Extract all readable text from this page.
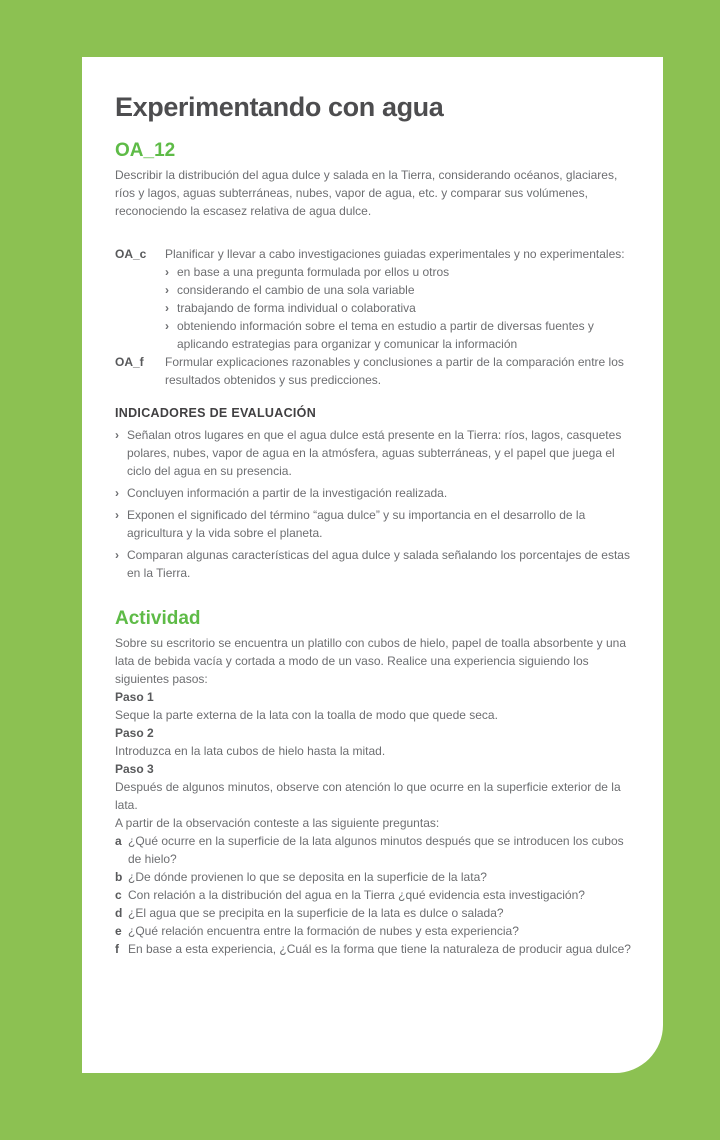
Experimentando con agua
OA_12

Describir la distribución del agua dulce y salada en la Tierra, considerando océanos, glaciares, ríos y lagos, aguas subterráneas, nubes, vapor de agua, etc. y comparar sus volúmenes, reconociendo la escasez relativa de agua dulce.

OA_c	Planificar y llevar a cabo investigaciones guiadas experimentales y no experimentales:

› en base a una pregunta formulada por ellos u otros
› considerando el cambio de una sola variable
› trabajando de forma individual o colaborativa
› obteniendo información sobre el tema en estudio a partir de diversas fuentes y aplicando estrategias para organizar y comunicar la información
OA_f	Formular explicaciones razonables y conclusiones a partir de la comparación entre los resultados obtenidos y sus predicciones.

INDICADORES DE EVALUACIÓN
› Señalan otros lugares en que el agua dulce está presente en la Tierra: ríos, lagos, casquetes polares, nubes, vapor de agua en la atmósfera, aguas subterráneas, y el papel que juega el ciclo del agua en su presencia.
› Concluyen información a partir de la investigación realizada.
› Exponen el significado del término “agua dulce” y su importancia en el desarrollo de la agricultura y la vida sobre el planeta.
› Comparan algunas características del agua dulce y salada señalando los porcentajes de estas en la Tierra.
Actividad

Sobre su escritorio se encuentra un platillo con cubos de hielo, papel de toalla absorbente y una lata de bebida vacía y cortada a modo de un vaso. Realice una experiencia siguiendo los siguientes pasos:

Paso 1

Seque la parte externa de la lata con la toalla de modo que quede seca.

Paso 2

Introduzca en la lata cubos de hielo hasta la mitad.

Paso 3

Después de algunos minutos, observe con atención lo que ocurre en la superficie exterior de la lata.

A partir de la observación conteste a las siguiente preguntas:

a ¿Qué ocurre en la superficie de la lata algunos minutos después que se introducen los cubos de hielo?
b ¿De dónde provienen lo que se deposita en la superficie de la lata?
c Con relación a la distribución del agua en la Tierra ¿qué evidencia esta investigación?
d ¿El agua que se precipita en la superficie de la lata es dulce o salada?
e ¿Qué relación encuentra entre la formación de nubes y esta experiencia?
f En base a esta experiencia, ¿Cuál es la forma que tiene la naturaleza de producir agua dulce?
